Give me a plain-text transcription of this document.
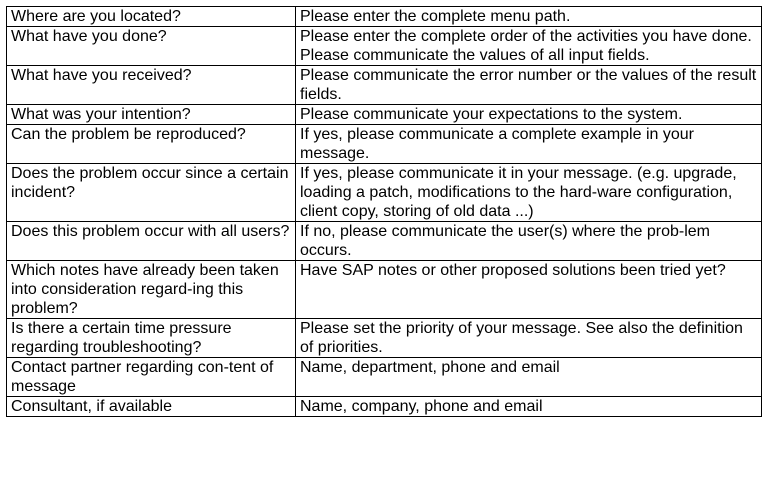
Where are you located?	Please enter the complete menu path.
What have you done?	Please enter the complete order of the activities you have done. Please communicate the values of all input fields.
What have you received?	Please communicate the error number or the values of the result fields.
What was your intention?	Please communicate your expectations to the system.
Can the problem be reproduced?	If yes, please communicate a complete example in your message.
Does the problem occur since a certain incident?	If yes, please communicate it in your message. (e.g. upgrade, loading a patch, modifications to the hard-ware configuration, client copy, storing of old data ...)
Does this problem occur with all users?	If no, please communicate the user(s) where the prob-lem occurs.
Which notes have already been taken into consideration regard-ing this problem?	Have SAP notes or other proposed solutions been tried yet?
Is there a certain time pressure regarding troubleshooting?	Please set the priority of your message. See also the definition of priorities.
Contact partner regarding con-tent of message	Name, department, phone and email
Consultant, if available	Name, company, phone and email
